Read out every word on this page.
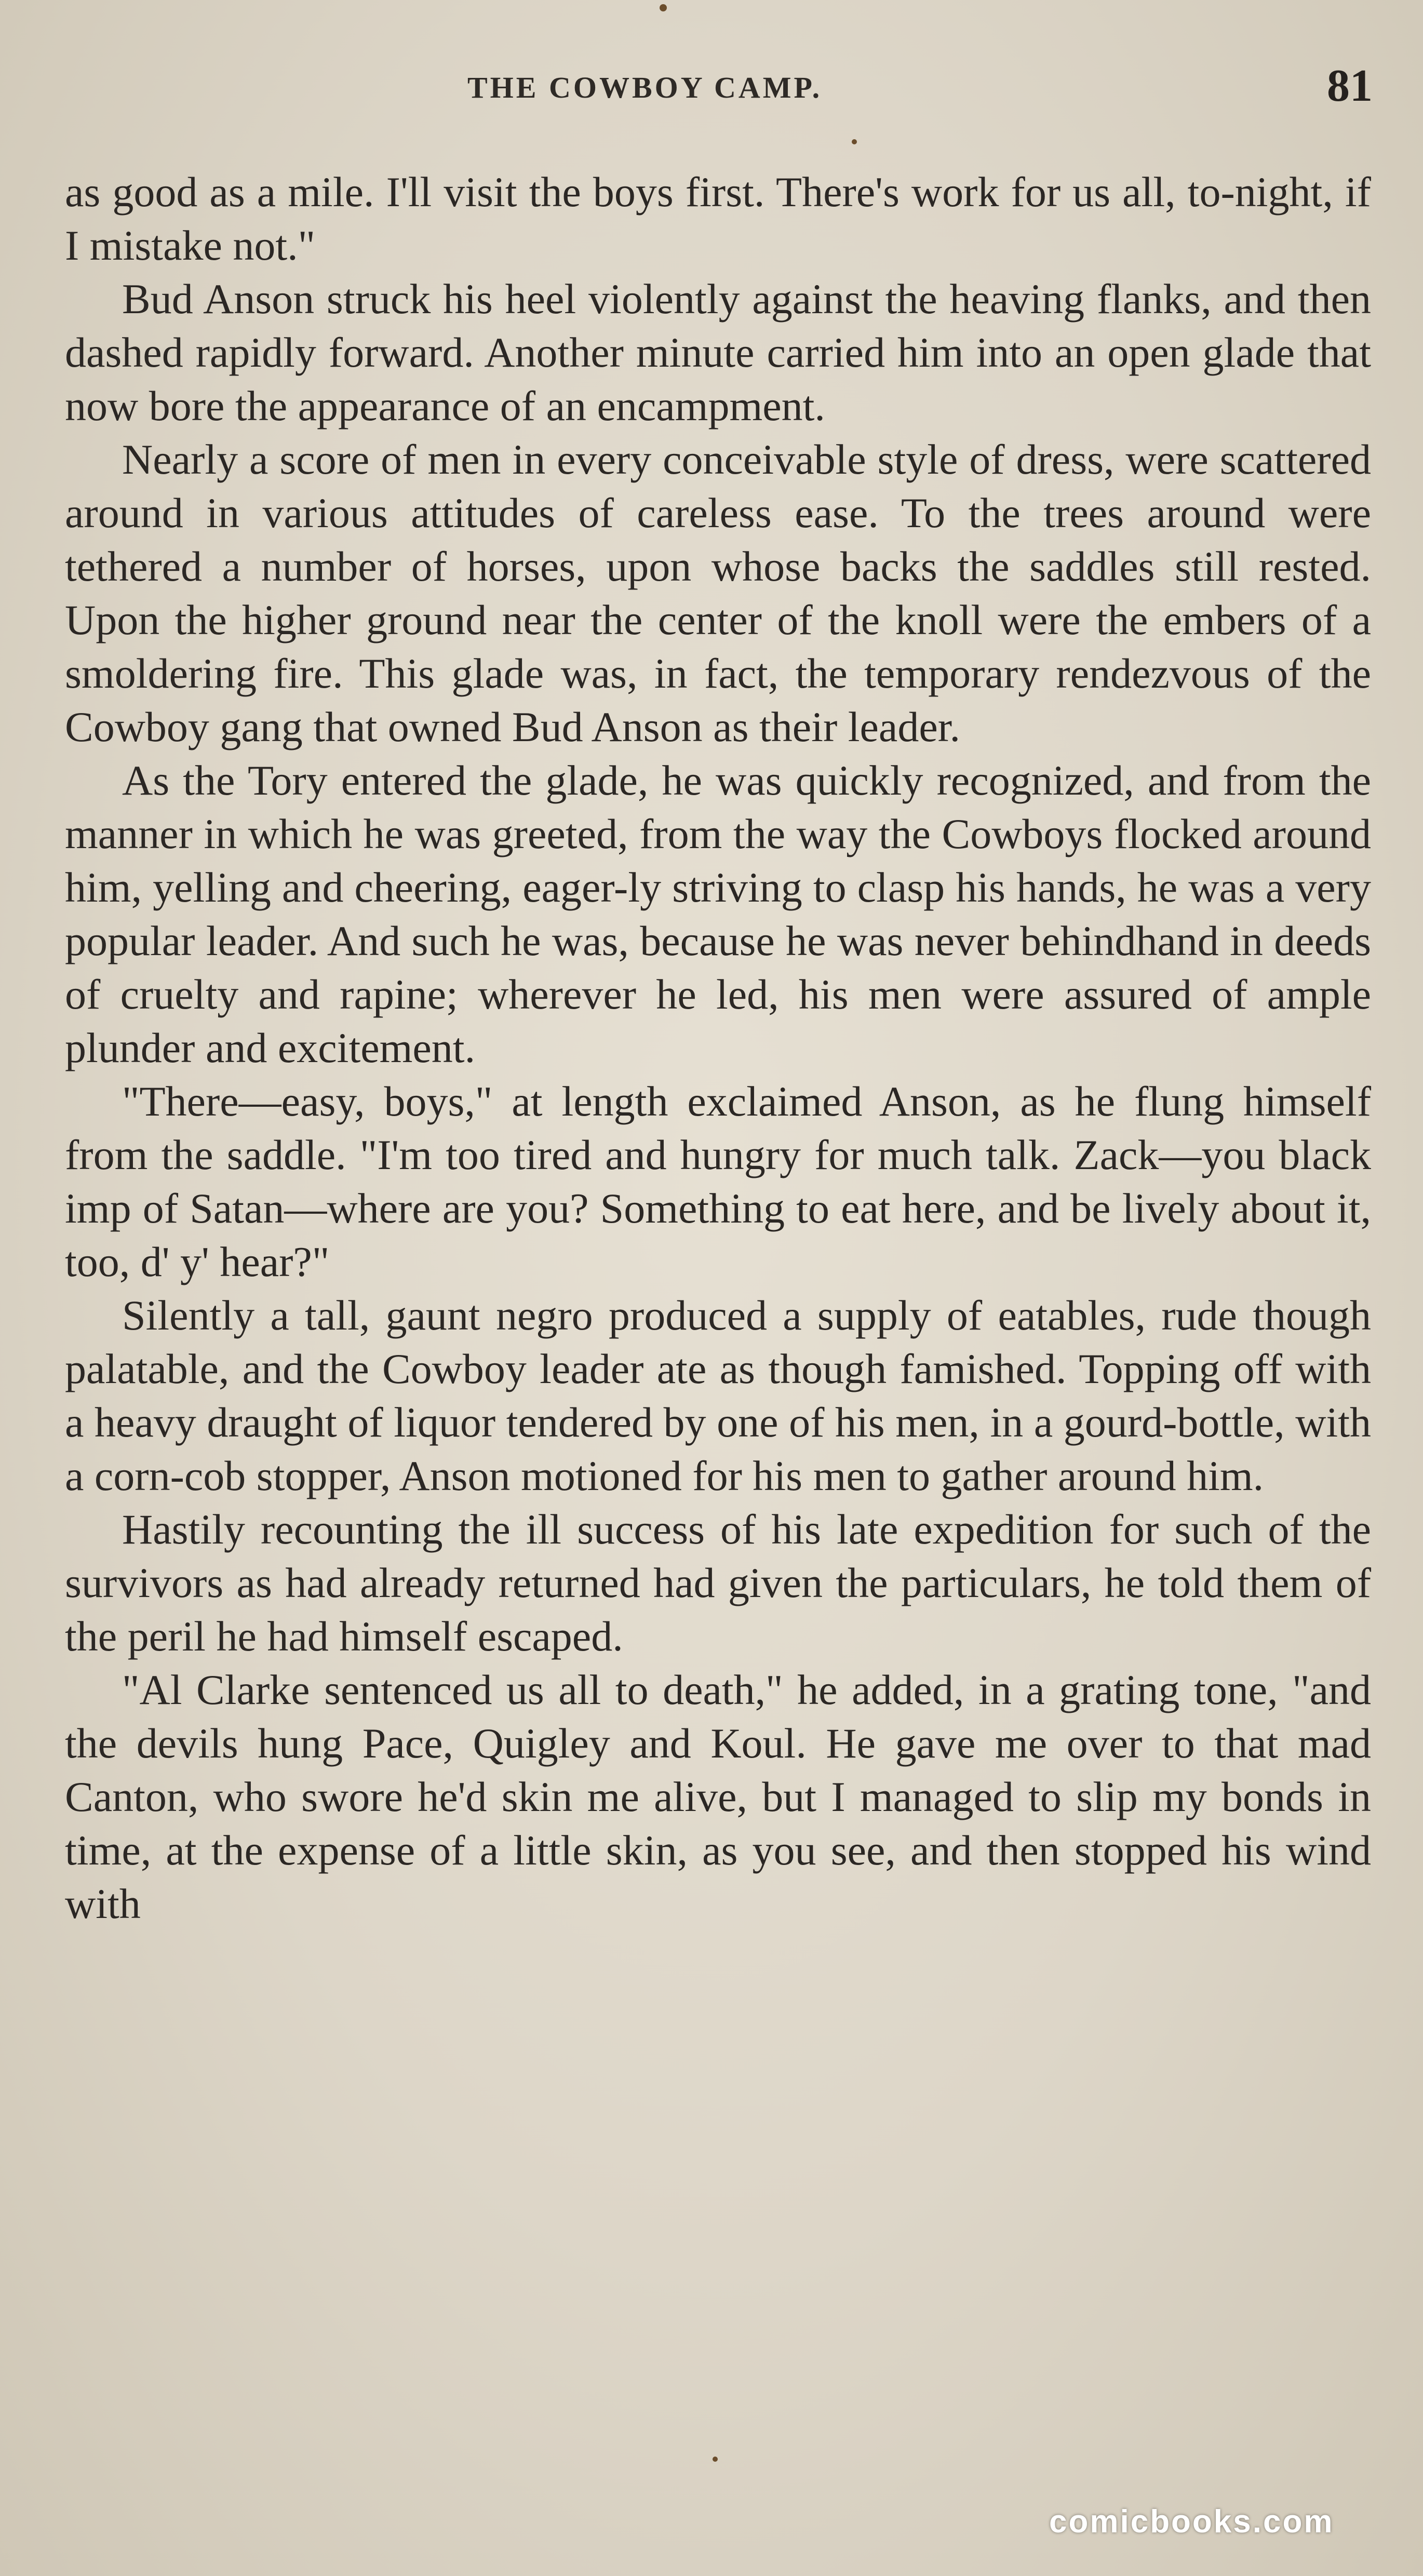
THE COWBOY CAMP.	81

as good as a mile. I'll visit the boys first. There's work for us all, to-night, if I mistake not."

Bud Anson struck his heel violently against the heaving flanks, and then dashed rapidly forward. Another minute carried him into an open glade that now bore the appearance of an encampment.

Nearly a score of men in every conceivable style of dress, were scattered around in various attitudes of careless ease. To the trees around were tethered a number of horses, upon whose backs the saddles still rested. Upon the higher ground near the center of the knoll were the embers of a smoldering fire. This glade was, in fact, the temporary rendezvous of the Cowboy gang that owned Bud Anson as their leader.

As the Tory entered the glade, he was quickly recognized, and from the manner in which he was greeted, from the way the Cowboys flocked around him, yelling and cheering, eager-ly striving to clasp his hands, he was a very popular leader. And such he was, because he was never behindhand in deeds of cruelty and rapine; wherever he led, his men were assured of ample plunder and excitement.

"There—easy, boys," at length exclaimed Anson, as he flung himself from the saddle. "I'm too tired and hungry for much talk. Zack—you black imp of Satan—where are you? Something to eat here, and be lively about it, too, d' y' hear?"

Silently a tall, gaunt negro produced a supply of eatables, rude though palatable, and the Cowboy leader ate as though famished. Topping off with a heavy draught of liquor tendered by one of his men, in a gourd-bottle, with a corn-cob stopper, Anson motioned for his men to gather around him.

Hastily recounting the ill success of his late expedition for such of the survivors as had already returned had given the particulars, he told them of the peril he had himself escaped.

"Al Clarke sentenced us all to death," he added, in a grating tone, "and the devils hung Pace, Quigley and Koul. He gave me over to that mad Canton, who swore he'd skin me alive, but I managed to slip my bonds in time, at the expense of a little skin, as you see, and then stopped his wind with

comicbooks.com
